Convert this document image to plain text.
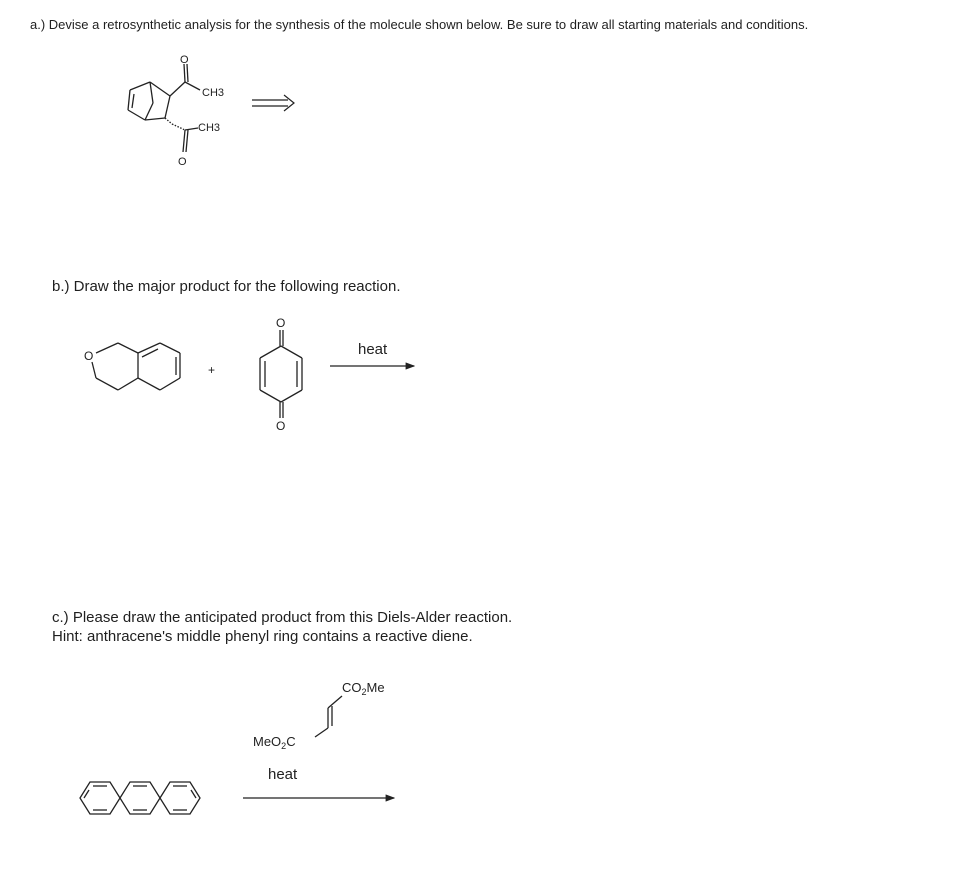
a.) Devise a retrosynthetic analysis for the synthesis of the molecule shown below. Be sure to draw all starting materials and conditions.
b.) Draw the major product for the following reaction.
c.) Please draw the anticipated product from this Diels-Alder reaction.
Hint: anthracene's middle phenyl ring contains a reactive diene.
O
CH3
CH3
O
O
+
O
O
heat
$CO_2Me$
MeO$_2$C
heat
